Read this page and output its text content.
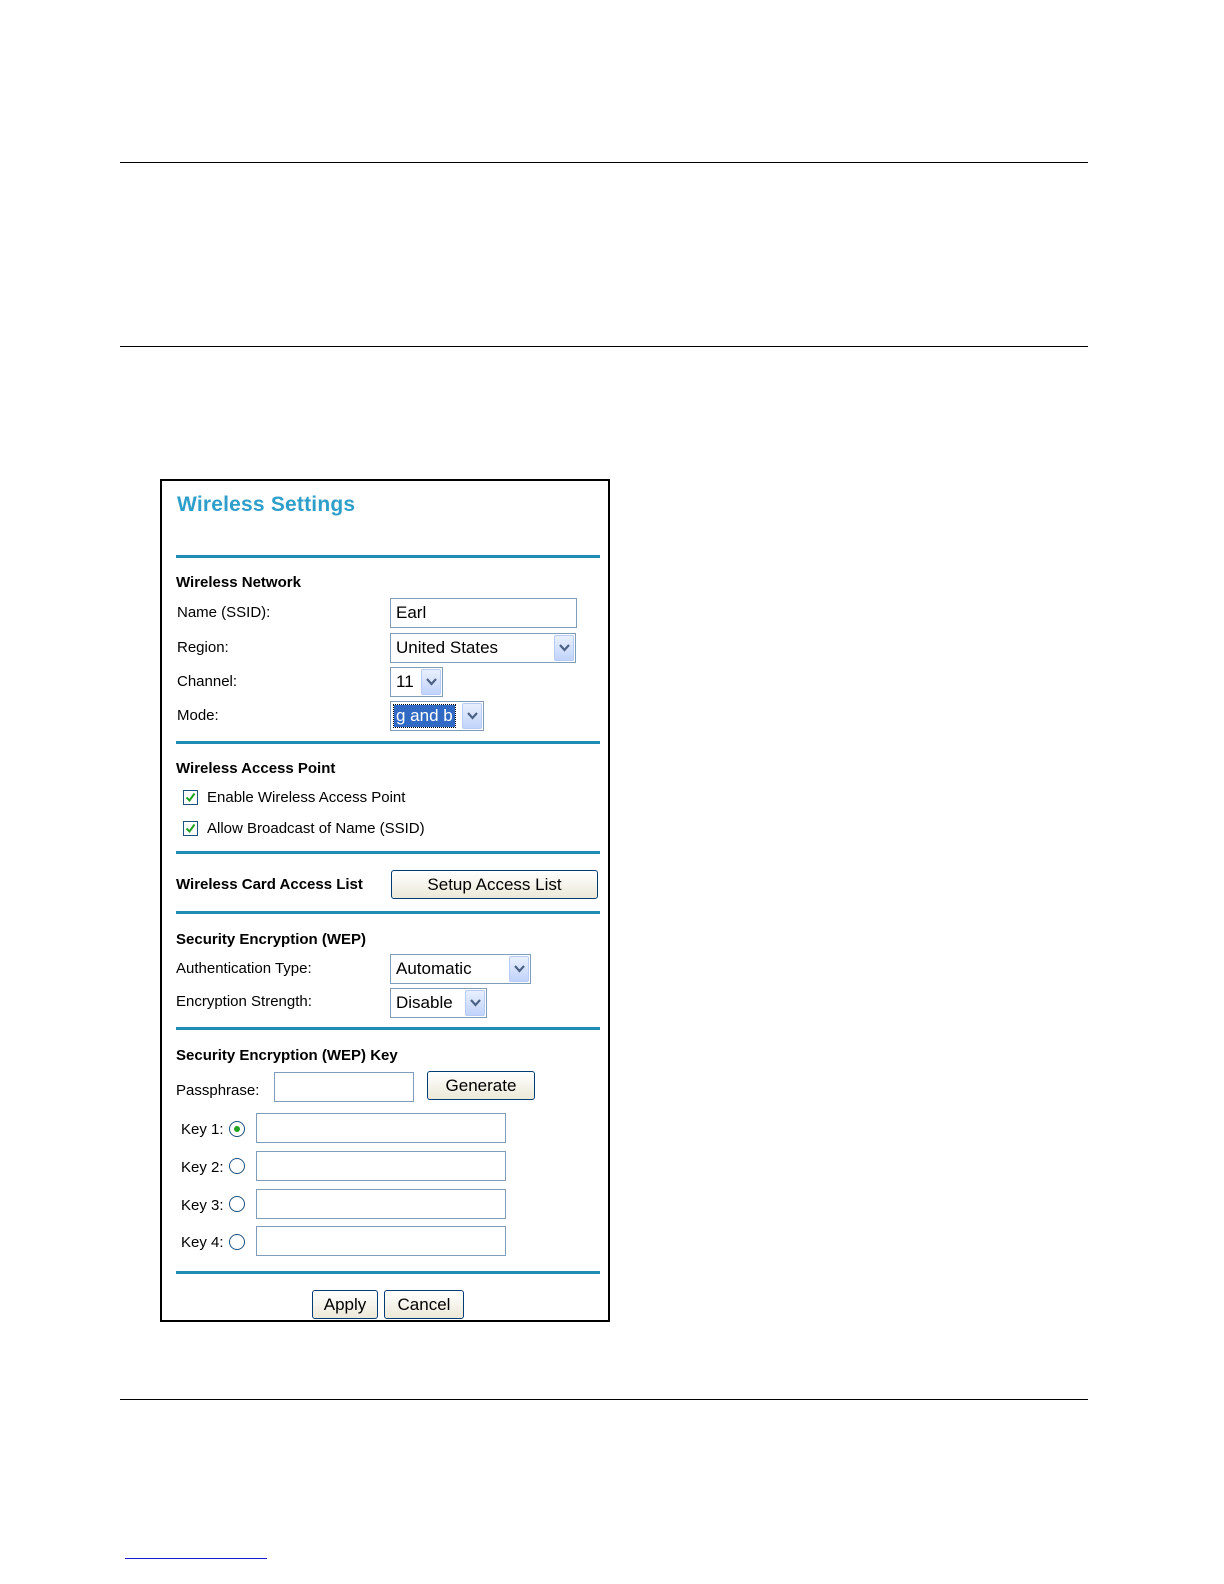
Wireless Settings
Wireless Network
Name (SSID):	Earl
Region:	United States
Channel:	11
Mode:	g and b
Wireless Access Point
Enable Wireless Access Point
Allow Broadcast of Name (SSID)
Wireless Card Access List	Setup Access List
Security Encryption (WEP)
Authentication Type:	Automatic
Encryption Strength:	Disable
Security Encryption (WEP) Key
Passphrase:	Generate
Key 1:
Key 2:
Key 3:
Key 4:
Apply	Cancel
